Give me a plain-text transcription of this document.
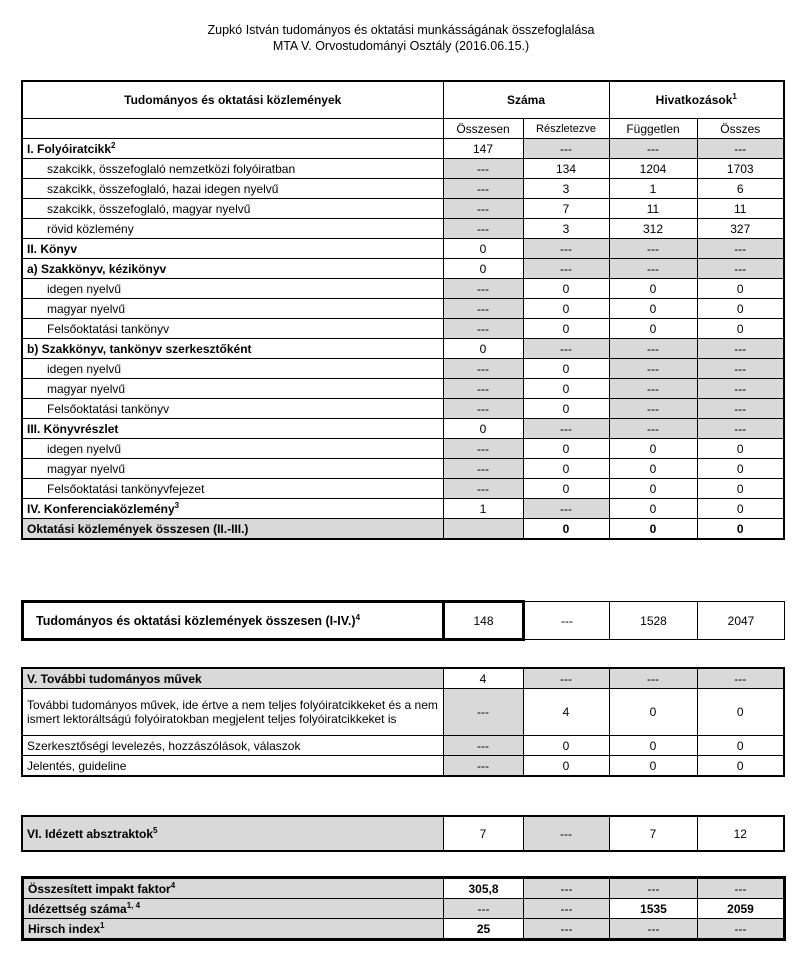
Zupkó István tudományos és oktatási munkásságának összefoglalása
MTA V. Orvostudományi Osztály (2016.06.15.)
Tudományos és oktatási közlemények	Száma		Hivatkozások$^1$
	Összesen	Részletezve	Független	Összes
I. Folyóiratcikk$^2$	147	---	---	---
szakcikk, összefoglaló nemzetközi folyóiratban	---	134	1204	1703
szakcikk, összefoglaló, hazai idegen nyelvű	---	3	1	6
szakcikk, összefoglaló, magyar nyelvű	---	7	11	11
rövid közlemény	---	3	312	327
II. Könyv	0	---	---	---
a) Szakkönyv, kézikönyv	0	---	---	---
idegen nyelvű	---	0	0	0
magyar nyelvű	---	0	0	0
Felsőoktatási tankönyv	---	0	0	0
b) Szakkönyv, tankönyv szerkesztőként	0	---	---	---
idegen nyelvű	---	0	---	---
magyar nyelvű	---	0	---	---
Felsőoktatási tankönyv	---	0	---	---
III. Könyvrészlet	0	---	---	---
idegen nyelvű	---	0	0	0
magyar nyelvű	---	0	0	0
Felsőoktatási tankönyvfejezet	---	0	0	0
IV. Konferenciaközlemény$^3$	1	---	0	0
Oktatási közlemények összesen (II.-III.)		0	0	0
Tudományos és oktatási közlemények összesen $(I-IV.)^4$	148	---	1528	2047
V. További tudományos művek	4	---	---	---
További tudományos művek, ide értve a nem teljes folyóiratcikkeket és a nem ismert lektoráltságú folyóiratokban megjelent teljes folyóiratcikkeket is	---	4	0	0
Szerkesztőségi levelezés, hozzászólások, válaszok	---	0	0	0
Jelentés, guideline	---	0	0	0
VI. Idézett absztraktok$^5$	7	---	7	12
Összesített impakt faktor$^4$	305,8	---	---	---
Idézettség száma$^{1, 4}$	---	---	1535	2059
Hirsch index$^1$	25	---	---	---
